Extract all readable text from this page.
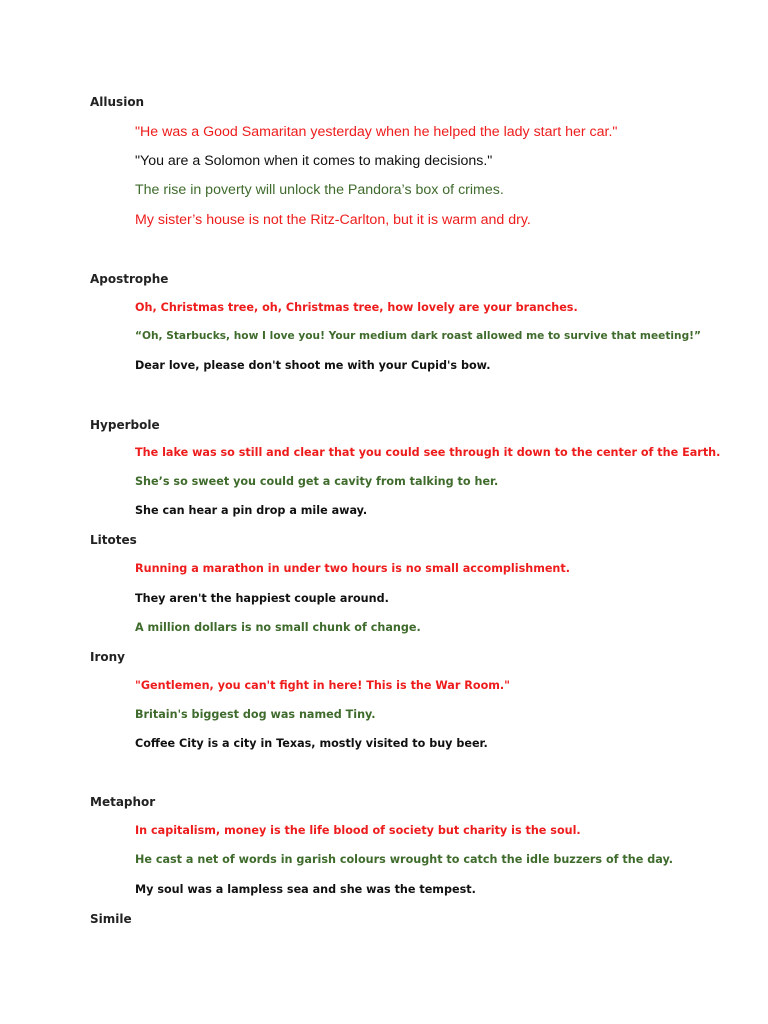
Allusion
"He was a Good Samaritan yesterday when he helped the lady start her car."
"You are a Solomon when it comes to making decisions."
The rise in poverty will unlock the Pandora’s box of crimes.
My sister’s house is not the Ritz-Carlton, but it is warm and dry.
Apostrophe
Oh, Christmas tree, oh, Christmas tree, how lovely are your branches.
“Oh, Starbucks, how I love you! Your medium dark roast allowed me to survive that meeting!”
Dear love, please don't shoot me with your Cupid's bow.
Hyperbole
The lake was so still and clear that you could see through it down to the center of the Earth.
She’s so sweet you could get a cavity from talking to her.
She can hear a pin drop a mile away.
Litotes
Running a marathon in under two hours is no small accomplishment.
They aren't the happiest couple around.
A million dollars is no small chunk of change.
Irony
"Gentlemen, you can't fight in here! This is the War Room."
Britain's biggest dog was named Tiny.
Coffee City is a city in Texas, mostly visited to buy beer.
Metaphor
In capitalism, money is the life blood of society but charity is the soul.
He cast a net of words in garish colours wrought to catch the idle buzzers of the day.
My soul was a lampless sea and she was the tempest.
Simile
